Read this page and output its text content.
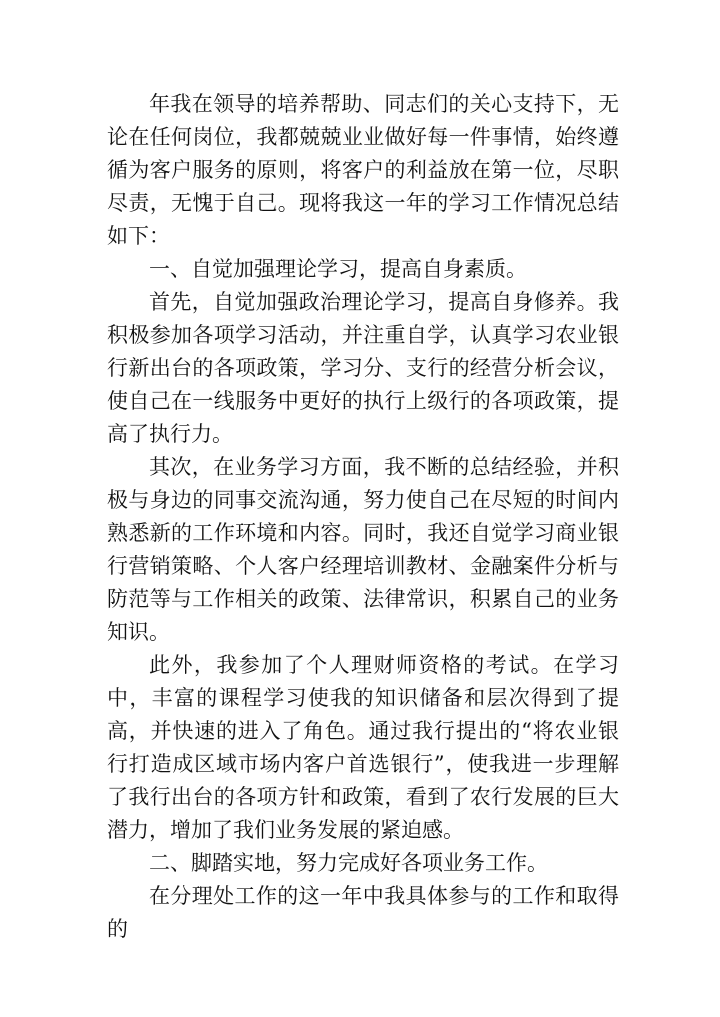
年我在领导的培养帮助、同志们的关心支持下，无论在任何岗位，我都兢兢业业做好每一件事情，始终遵循为客户服务的原则，将客户的利益放在第一位，尽职尽责，无愧于自己。现将我这一年的学习工作情况总结如下：

一、自觉加强理论学习，提高自身素质。

首先，自觉加强政治理论学习，提高自身修养。我积极参加各项学习活动，并注重自学，认真学习农业银行新出台的各项政策，学习分、支行的经营分析会议，使自己在一线服务中更好的执行上级行的各项政策，提高了执行力。

其次，在业务学习方面，我不断的总结经验，并积极与身边的同事交流沟通，努力使自己在尽短的时间内熟悉新的工作环境和内容。同时，我还自觉学习商业银行营销策略、个人客户经理培训教材、金融案件分析与防范等与工作相关的政策、法律常识，积累自己的业务知识。

此外，我参加了个人理财师资格的考试。在学习中，丰富的课程学习使我的知识储备和层次得到了提高，并快速的进入了角色。通过我行提出的“将农业银行打造成区域市场内客户首选银行”，使我进一步理解了我行出台的各项方针和政策，看到了农行发展的巨大潜力，增加了我们业务发展的紧迫感。

二、脚踏实地，努力完成好各项业务工作。

在分理处工作的这一年中我具体参与的工作和取得的
